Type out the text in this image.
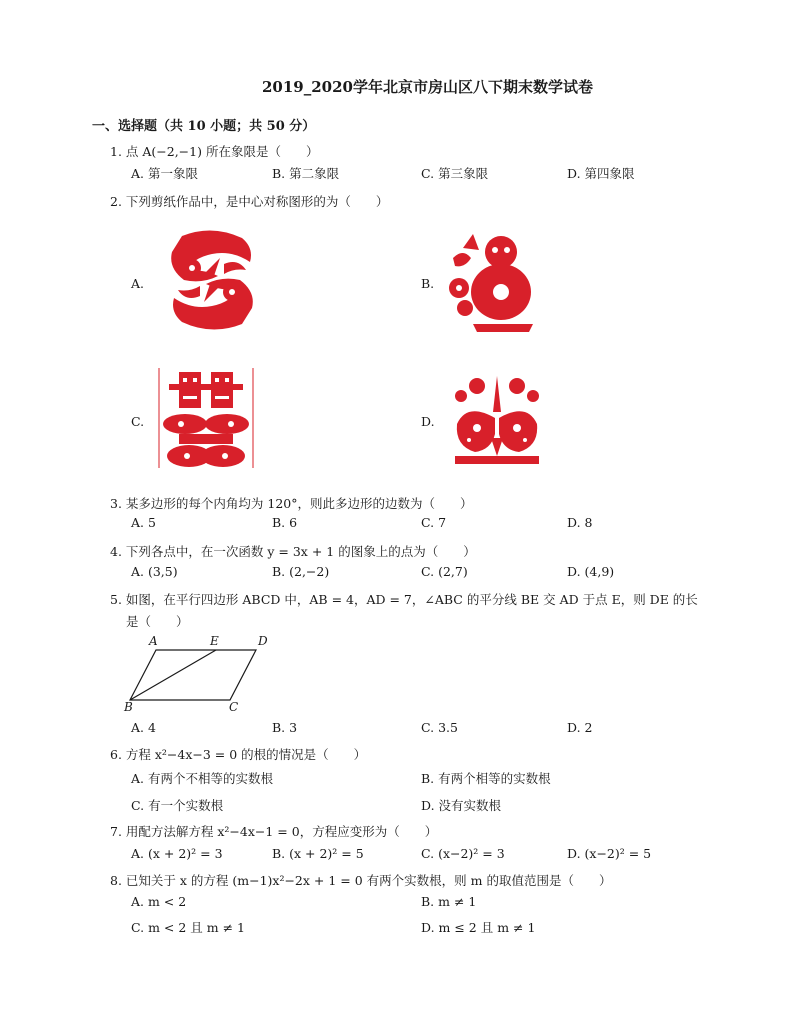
2019_2020学年北京市房山区八下期末数学试卷
一、选择题（共 10 小题；共 50 分）
1. 点 A(−2,−1) 所在象限是（　　）
A. 第一象限	B. 第二象限	C. 第三象限	D. 第四象限
2. 下列剪纸作品中，是中心对称图形的为（　　）
A.	B.
C.	D.
3. 某多边形的每个内角均为 120°，则此多边形的边数为（　　）
A. 5	B. 6	C. 7	D. 8
4. 下列各点中，在一次函数 y = 3x + 1 的图象上的点为（　　）
A. (3,5)	B. (2,−2)	C. (2,7)	D. (4,9)
5. 如图，在平行四边形 ABCD 中，AB = 4，AD = 7，∠ABC 的平分线 BE 交 AD 于点 E，则 DE 的长
是（　　）
A	E	D
B	C
A. 4	B. 3	C. 3.5	D. 2
6. 方程 x²−4x−3 = 0 的根的情况是（　　）
A. 有两个不相等的实数根	B. 有两个相等的实数根
C. 有一个实数根	D. 没有实数根
7. 用配方法解方程 x²−4x−1 = 0，方程应变形为（　　）
A. (x + 2)² = 3	B. (x + 2)² = 5	C. (x−2)² = 3	D. (x−2)² = 5
8. 已知关于 x 的方程 (m−1)x²−2x + 1 = 0 有两个实数根，则 m 的取值范围是（　　）
A. m < 2	B. m ≠ 1
C. m < 2 且 m ≠ 1	D. m ≤ 2 且 m ≠ 1
